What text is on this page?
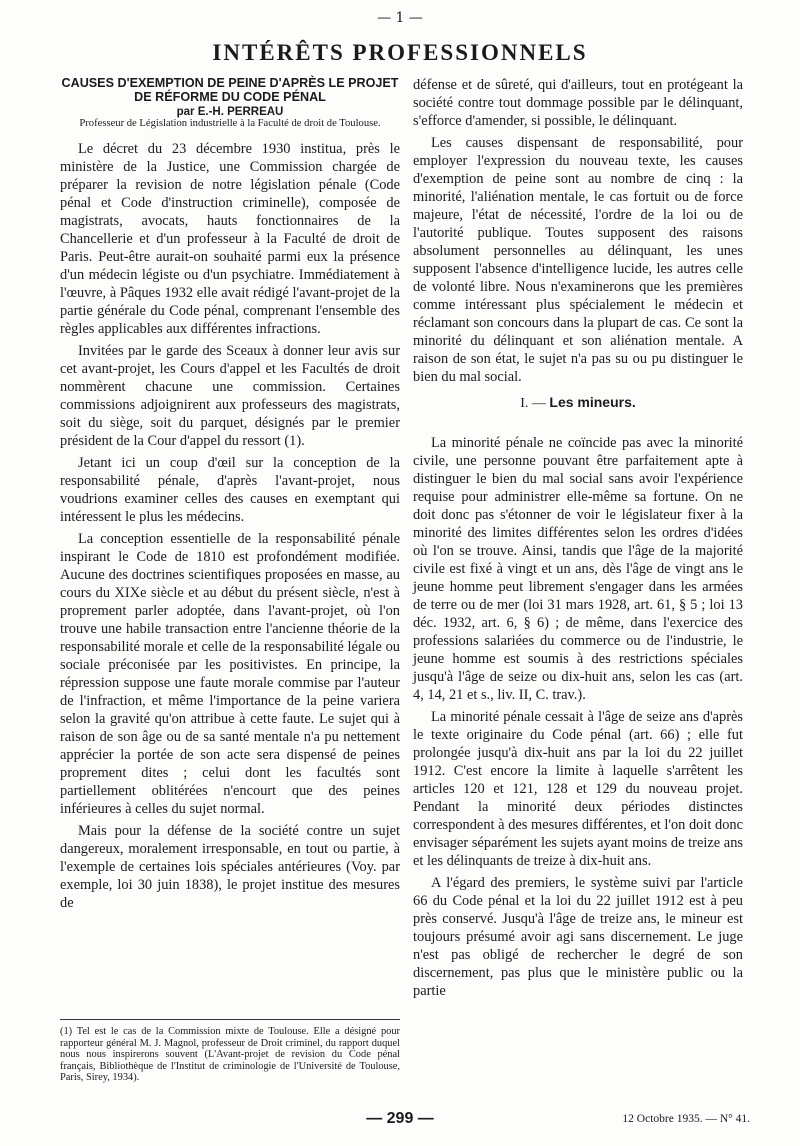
— 1 —
INTÉRÊTS PROFESSIONNELS

CAUSES D'EXEMPTION DE PEINE D'APRÈS LE PROJET DE RÉFORME DU CODE PÉNAL

par E.-H. PERREAU

Professeur de Législation industrielle à la Faculté de droit de Toulouse.

Le décret du 23 décembre 1930 institua, près le ministère de la Justice, une Commission chargée de préparer la revision de notre législation pénale (Code pénal et Code d'instruction criminelle), composée de magistrats, avocats, hauts fonctionnaires de la Chancellerie et d'un professeur à la Faculté de droit de Paris. Peut-être aurait-on souhaité parmi eux la présence d'un médecin légiste ou d'un psychiatre. Immédiatement à l'œuvre, à Pâques 1932 elle avait rédigé l'avant-projet de la partie générale du Code pénal, comprenant l'ensemble des règles applicables aux différentes infractions.

Invitées par le garde des Sceaux à donner leur avis sur cet avant-projet, les Cours d'appel et les Facultés de droit nommèrent chacune une commission. Certaines commissions adjoignirent aux professeurs des magistrats, soit du siège, soit du parquet, désignés par le premier président de la Cour d'appel du ressort (1).

Jetant ici un coup d'œil sur la conception de la responsabilité pénale, d'après l'avant-projet, nous voudrions examiner celles des causes en exemptant qui intéressent le plus les médecins.

La conception essentielle de la responsabilité pénale inspirant le Code de 1810 est profondément modifiée. Aucune des doctrines scientifiques proposées en masse, au cours du XIXe siècle et au début du présent siècle, n'est à proprement parler adoptée, dans l'avant-projet, où l'on trouve une habile transaction entre l'ancienne théorie de la responsabilité morale et celle de la responsabilité légale ou sociale préconisée par les positivistes. En principe, la répression suppose une faute morale commise par l'auteur de l'infraction, et même l'importance de la peine variera selon la gravité qu'on attribue à cette faute. Le sujet qui à raison de son âge ou de sa santé mentale n'a pu nettement apprécier la portée de son acte sera dispensé de peines proprement dites ; celui dont les facultés sont partiellement oblitérées n'encourt que des peines inférieures à celles du sujet normal.

Mais pour la défense de la société contre un sujet dangereux, moralement irresponsable, en tout ou partie, à l'exemple de certaines lois spéciales antérieures (Voy. par exemple, loi 30 juin 1838), le projet institue des mesures de

(1) Tel est le cas de la Commission mixte de Toulouse. Elle a désigné pour rapporteur général M. J. Magnol, professeur de Droit criminel, du rapport duquel nous nous inspirerons souvent (L'Avant-projet de revision du Code pénal français, Bibliothèque de l'Institut de criminologie de l'Université de Toulouse, Paris, Sirey, 1934).

défense et de sûreté, qui d'ailleurs, tout en protégeant la société contre tout dommage possible par le délinquant, s'efforce d'amender, si possible, le délinquant.

Les causes dispensant de responsabilité, pour employer l'expression du nouveau texte, les causes d'exemption de peine sont au nombre de cinq : la minorité, l'aliénation mentale, le cas fortuit ou de force majeure, l'état de nécessité, l'ordre de la loi ou de l'autorité publique. Toutes supposent des raisons absolument personnelles au délinquant, les unes supposent l'absence d'intelligence lucide, les autres celle de volonté libre. Nous n'examinerons que les premières comme intéressant plus spécialement le médecin et réclamant son concours dans la plupart de cas. Ce sont la minorité du délinquant et son aliénation mentale. A raison de son état, le sujet n'a pas su ou pu distinguer le bien du mal social.

I. — Les mineurs.

La minorité pénale ne coïncide pas avec la minorité civile, une personne pouvant être parfaitement apte à distinguer le bien du mal social sans avoir l'expérience requise pour administrer elle-même sa fortune. On ne doit donc pas s'étonner de voir le législateur fixer à la minorité des limites différentes selon les ordres d'idées où l'on se trouve. Ainsi, tandis que l'âge de la majorité civile est fixé à vingt et un ans, dès l'âge de vingt ans le jeune homme peut librement s'engager dans les armées de terre ou de mer (loi 31 mars 1928, art. 61, § 5 ; loi 13 déc. 1932, art. 6, § 6) ; de même, dans l'exercice des professions salariées du commerce ou de l'industrie, le jeune homme est soumis à des restrictions spéciales jusqu'à l'âge de seize ou dix-huit ans, selon les cas (art. 4, 14, 21 et s., liv. II, C. trav.).

La minorité pénale cessait à l'âge de seize ans d'après le texte originaire du Code pénal (art. 66) ; elle fut prolongée jusqu'à dix-huit ans par la loi du 22 juillet 1912. C'est encore la limite à laquelle s'arrêtent les articles 120 et 121, 128 et 129 du nouveau projet. Pendant la minorité deux périodes distinctes correspondent à des mesures différentes, et l'on doit donc envisager séparément les sujets ayant moins de treize ans et les délinquants de treize à dix-huit ans.

A l'égard des premiers, le système suivi par l'article 66 du Code pénal et la loi du 22 juillet 1912 est à peu près conservé. Jusqu'à l'âge de treize ans, le mineur est toujours présumé avoir agi sans discernement. Le juge n'est pas obligé de rechercher le degré de son discernement, pas plus que le ministère public ou la partie

— 299 —	12 Octobre 1935. — N° 41.
